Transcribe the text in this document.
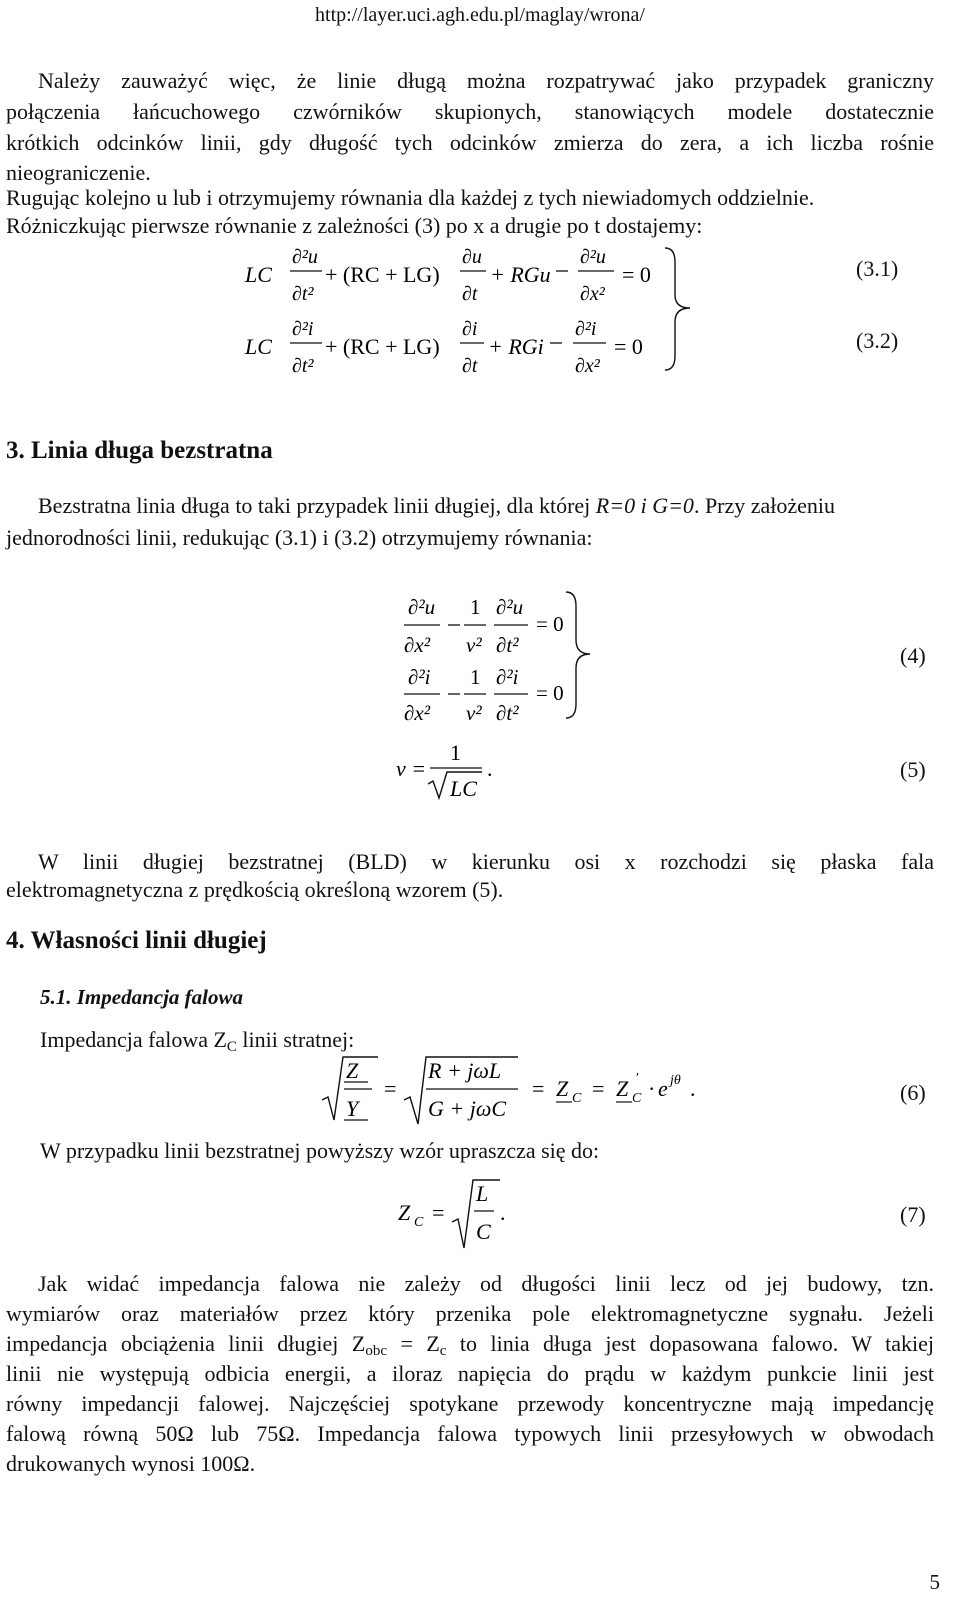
http://layer.uci.agh.edu.pl/maglay/wrona/
Należy zauważyć więc, że linie długą można rozpatrywać jako przypadek graniczny
połączenia łańcuchowego czwórników skupionych, stanowiących modele dostatecznie
krótkich odcinków linii, gdy długość tych odcinków zmierza do zera, a ich liczba rośnie
nieograniczenie.
Rugując kolejno u lub i otrzymujemy równania dla każdej z tych niewiadomych oddzielnie.
Różniczkując pierwsze równanie z zależności (3) po x a drugie po t dostajemy:
LC
∂²u
∂t²
+ (RC + LG)
∂u
∂t
+ RGu
∂²u
∂x²
= 0
LC
∂²i
∂t²
+ (RC + LG)
∂i
∂t
+ RGi
∂²i
∂x²
= 0
(3.1)
(3.2)
3. Linia długa bezstratna
Bezstratna linia długa to taki przypadek linii długiej, dla której R=0 i G=0. Przy założeniu
jednorodności linii, redukując (3.1) i (3.2) otrzymujemy równania:
∂²u
∂x²
1
v²
∂²u
∂t²
= 0
∂²i
∂x²
1
v²
∂²i
∂t²
= 0
v =
1
LC
.
(4)
(5)
W linii długiej bezstratnej (BLD) w kierunku osi x rozchodzi się płaska fala
elektromagnetyczna z prędkością określoną wzorem (5).
4. Własności linii długiej
5.1. Impedancja falowa
Impedancja falowa $Z_C$ linii stratnej:
Z
Y
=
R + jωL
G + jωC
= Z C = Z C
′ · e jθ .	(6)
W przypadku linii bezstratnej powyższy wzór upraszcza się do:
Z C =
L
C
.	(7)
Jak widać impedancja falowa nie zależy od długości linii lecz od jej budowy, tzn.
wymiarów oraz materiałów przez który przenika pole elektromagnetyczne sygnału. Jeżeli
impedancja obciążenia linii długiej $Z_{obc} = Z_c$ to linia długa jest dopasowana falowo. W takiej
linii nie występują odbicia energii, a iloraz napięcia do prądu w każdym punkcie linii jest
równy impedancji falowej. Najczęściej spotykane przewody koncentryczne mają impedancję
falową równą 50Ω lub 75Ω. Impedancja falowa typowych linii przesyłowych w obwodach
drukowanych wynosi 100Ω.
5
